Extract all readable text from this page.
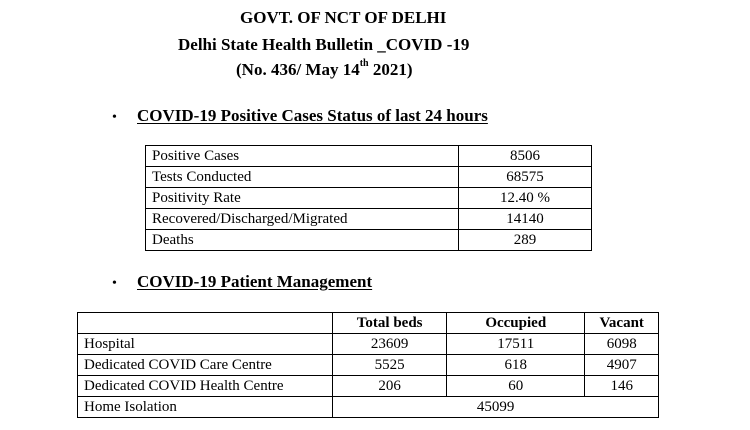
GOVT. OF NCT OF DELHI
Delhi State Health Bulletin _COVID -19
(No. 436/ May 14th 2021)
• COVID-19 Positive Cases Status of last 24 hours
Positive Cases	8506
Tests Conducted	68575
Positivity Rate	12.40 %
Recovered/Discharged/Migrated	14140
Deaths	289
• COVID-19 Patient Management
	Total beds	Occupied	Vacant
Hospital	23609	17511	6098
Dedicated COVID Care Centre	5525	618	4907
Dedicated COVID Health Centre	206	60	146
Home Isolation	45099		
